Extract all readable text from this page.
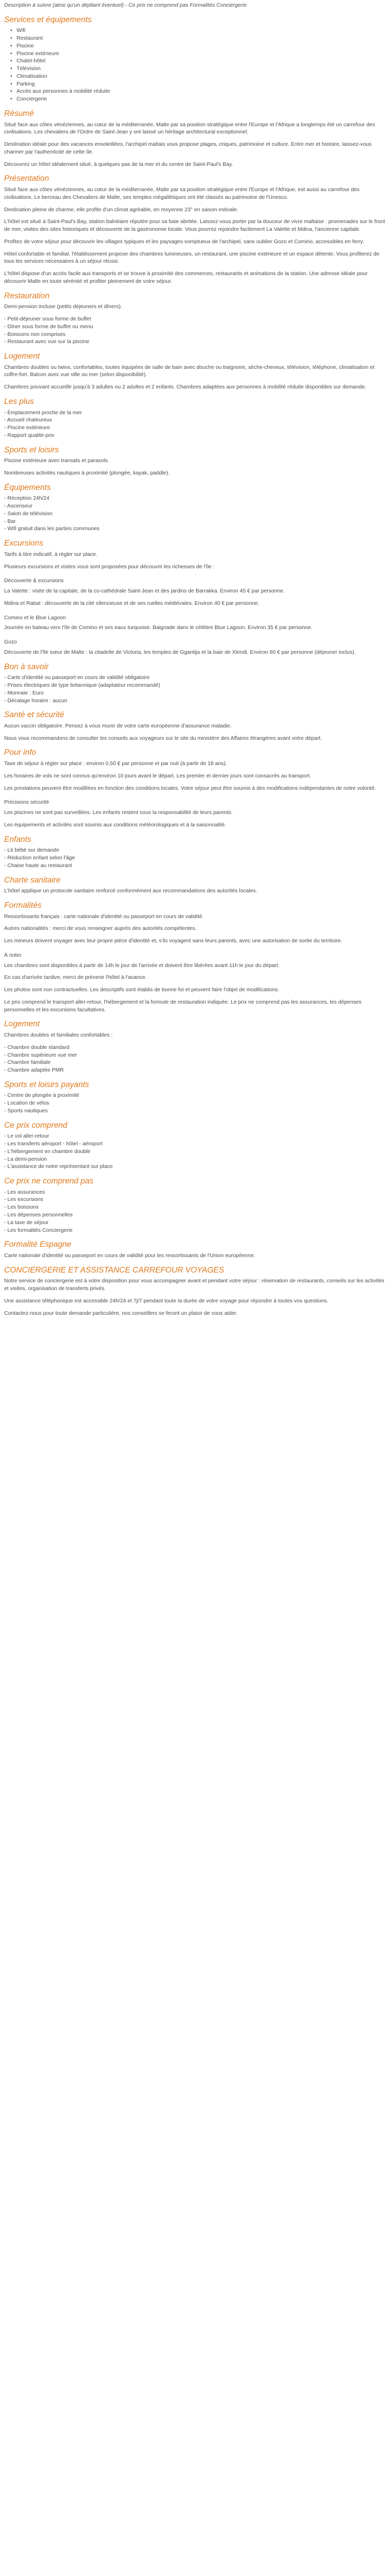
Description à suivre (ainsi qu'un dépliant éventuel) - Ce prix ne comprend pas Formalités Conciergerie

Services et équipements
• Wifi
• Restaurant
• Piscine
• Piscine extérieure
• Chalet-hôtel
• Télévision
• Climatisation
• Parking
• Accès aux personnes à mobilité réduite
• Conciergerie
Résumé

Situé face aux côtes vénéziennes, au cœur de la méditerranée, Malte par sa position stratégique entre l'Europe et l'Afrique a longtemps été un carrefour des civilisations. Les chevaliers de l'Ordre de Saint-Jean y ont laissé un héritage architectural exceptionnel.

Destination idéale pour des vacances ensoleillées, l'archipel maltais vous propose plages, criques, patrimoine et culture. Entre mer et histoire, laissez-vous charmer par l'authenticité de cette île.

Découvrez un hôtel idéalement situé, à quelques pas de la mer et du centre de Saint-Paul's Bay.

Présentation

Situé face aux côtes vénéziennes, au cœur de la méditerranée, Malte par sa position stratégique entre l'Europe et l'Afrique, est aussi au carrefour des civilisations. Le berceau des Chevaliers de Malte, ses temples mégalithiques ont été classés au patrimoine de l'Unesco.

Destination pleine de charme, elle profite d'un climat agréable, en moyenne 23° en saison estivale.

L'hôtel est situé à Saint-Paul's Bay, station balnéaire réputée pour sa baie abritée. Laissez-vous porter par la douceur de vivre maltaise : promenades sur le front de mer, visites des sites historiques et découverte de la gastronomie locale. Vous pourrez rejoindre facilement La Valette et Mdina, l'ancienne capitale.

Profitez de votre séjour pour découvrir les villages typiques et les paysages somptueux de l'archipel, sans oublier Gozo et Comino, accessibles en ferry.

Hôtel confortable et familial, l'établissement propose des chambres lumineuses, un restaurant, une piscine extérieure et un espace détente. Vous profiterez de tous les services nécessaires à un séjour réussi.

L'hôtel dispose d'un accès facile aux transports et se trouve à proximité des commerces, restaurants et animations de la station. Une adresse idéale pour découvrir Malte en toute sérénité et profiter pleinement de votre séjour.

Restauration

Demi-pension incluse (petits déjeuners et dîners).

- Petit-déjeuner sous forme de buffet

- Dîner sous forme de buffet ou menu

- Boissons non comprises

- Restaurant avec vue sur la piscine

Logement

Chambres doubles ou twins, confortables, toutes équipées de salle de bain avec douche ou baignoire, sèche-cheveux, télévision, téléphone, climatisation et coffre-fort. Balcon avec vue ville ou mer (selon disponibilité).

Chambres pouvant accueillir jusqu'à 3 adultes ou 2 adultes et 2 enfants. Chambres adaptées aux personnes à mobilité réduite disponibles sur demande.

Les plus

- Emplacement proche de la mer

- Accueil chaleureux

- Piscine extérieure

- Rapport qualité-prix

Sports et loisirs

Piscine extérieure avec transats et parasols.

Nombreuses activités nautiques à proximité (plongée, kayak, paddle).

Équipements

- Réception 24h/24

- Ascenseur

- Salon de télévision

- Bar

- Wifi gratuit dans les parties communes

Excursions

Tarifs à titre indicatif, à régler sur place.

Plusieurs excursions et visites vous sont proposées pour découvrir les richesses de l'île :

Découverte & excursions

La Valette : visite de la capitale, de la co-cathédrale Saint-Jean et des jardins de Barrakka. Environ 45 € par personne.

Mdina et Rabat : découverte de la cité silencieuse et de ses ruelles médiévales. Environ 40 € par personne.

Comino et le Blue Lagoon

Journée en bateau vers l'île de Comino et ses eaux turquoise. Baignade dans le célèbre Blue Lagoon. Environ 35 € par personne.

Gozo

Découverte de l'île sœur de Malte : la citadelle de Victoria, les temples de Ggantija et la baie de Xlendi. Environ 60 € par personne (déjeuner inclus).

Bon à savoir

- Carte d'identité ou passeport en cours de validité obligatoire

- Prises électriques de type britannique (adaptateur recommandé)

- Monnaie : Euro

- Décalage horaire : aucun

Santé et sécurité

Aucun vaccin obligatoire. Pensez à vous munir de votre carte européenne d'assurance maladie.

Nous vous recommandons de consulter les conseils aux voyageurs sur le site du ministère des Affaires étrangères avant votre départ.

Pour info

Taxe de séjour à régler sur place : environ 0,50 € par personne et par nuit (à partir de 18 ans).

Les horaires de vols ne sont connus qu'environ 10 jours avant le départ. Les premier et dernier jours sont consacrés au transport.

Les prestations peuvent être modifiées en fonction des conditions locales. Votre séjour peut être soumis à des modifications indépendantes de notre volonté.

Précisions sécurité

Les piscines ne sont pas surveillées. Les enfants restent sous la responsabilité de leurs parents.

Les équipements et activités sont soumis aux conditions météorologiques et à la saisonnalité.

Enfants

- Lit bébé sur demande

- Réduction enfant selon l'âge

- Chaise haute au restaurant

Charte sanitaire

L'hôtel applique un protocole sanitaire renforcé conformément aux recommandations des autorités locales.

Formalités

Ressortissants français : carte nationale d'identité ou passeport en cours de validité.

Autres nationalités : merci de vous renseigner auprès des autorités compétentes.

Les mineurs doivent voyager avec leur propre pièce d'identité et, s'ils voyagent sans leurs parents, avec une autorisation de sortie du territoire.

À noter

Les chambres sont disponibles à partir de 14h le jour de l'arrivée et doivent être libérées avant 11h le jour du départ.

En cas d'arrivée tardive, merci de prévenir l'hôtel à l'avance.

Les photos sont non contractuelles. Les descriptifs sont établis de bonne foi et peuvent faire l'objet de modifications.

Le prix comprend le transport aller-retour, l'hébergement et la formule de restauration indiquée. Le prix ne comprend pas les assurances, les dépenses personnelles et les excursions facultatives.

Logement

Chambres doubles et familiales confortables :

- Chambre double standard

- Chambre supérieure vue mer

- Chambre familiale

- Chambre adaptée PMR

Sports et loisirs payants

- Centre de plongée à proximité

- Location de vélos

- Sports nautiques

Ce prix comprend

- Le vol aller-retour

- Les transferts aéroport - hôtel - aéroport

- L'hébergement en chambre double

- La demi-pension

- L'assistance de notre représentant sur place

Ce prix ne comprend pas

- Les assurances

- Les excursions

- Les boissons

- Les dépenses personnelles

- La taxe de séjour

- Les formalités Conciergerie

Formalité Espagne

Carte nationale d'identité ou passeport en cours de validité pour les ressortissants de l'Union européenne.

CONCIERGERIE ET ASSISTANCE CARREFOUR VOYAGES

Notre service de conciergerie est à votre disposition pour vous accompagner avant et pendant votre séjour : réservation de restaurants, conseils sur les activités et visites, organisation de transferts privés.

Une assistance téléphonique est accessible 24h/24 et 7j/7 pendant toute la durée de votre voyage pour répondre à toutes vos questions.

Contactez-nous pour toute demande particulière, nos conseillers se feront un plaisir de vous aider.
